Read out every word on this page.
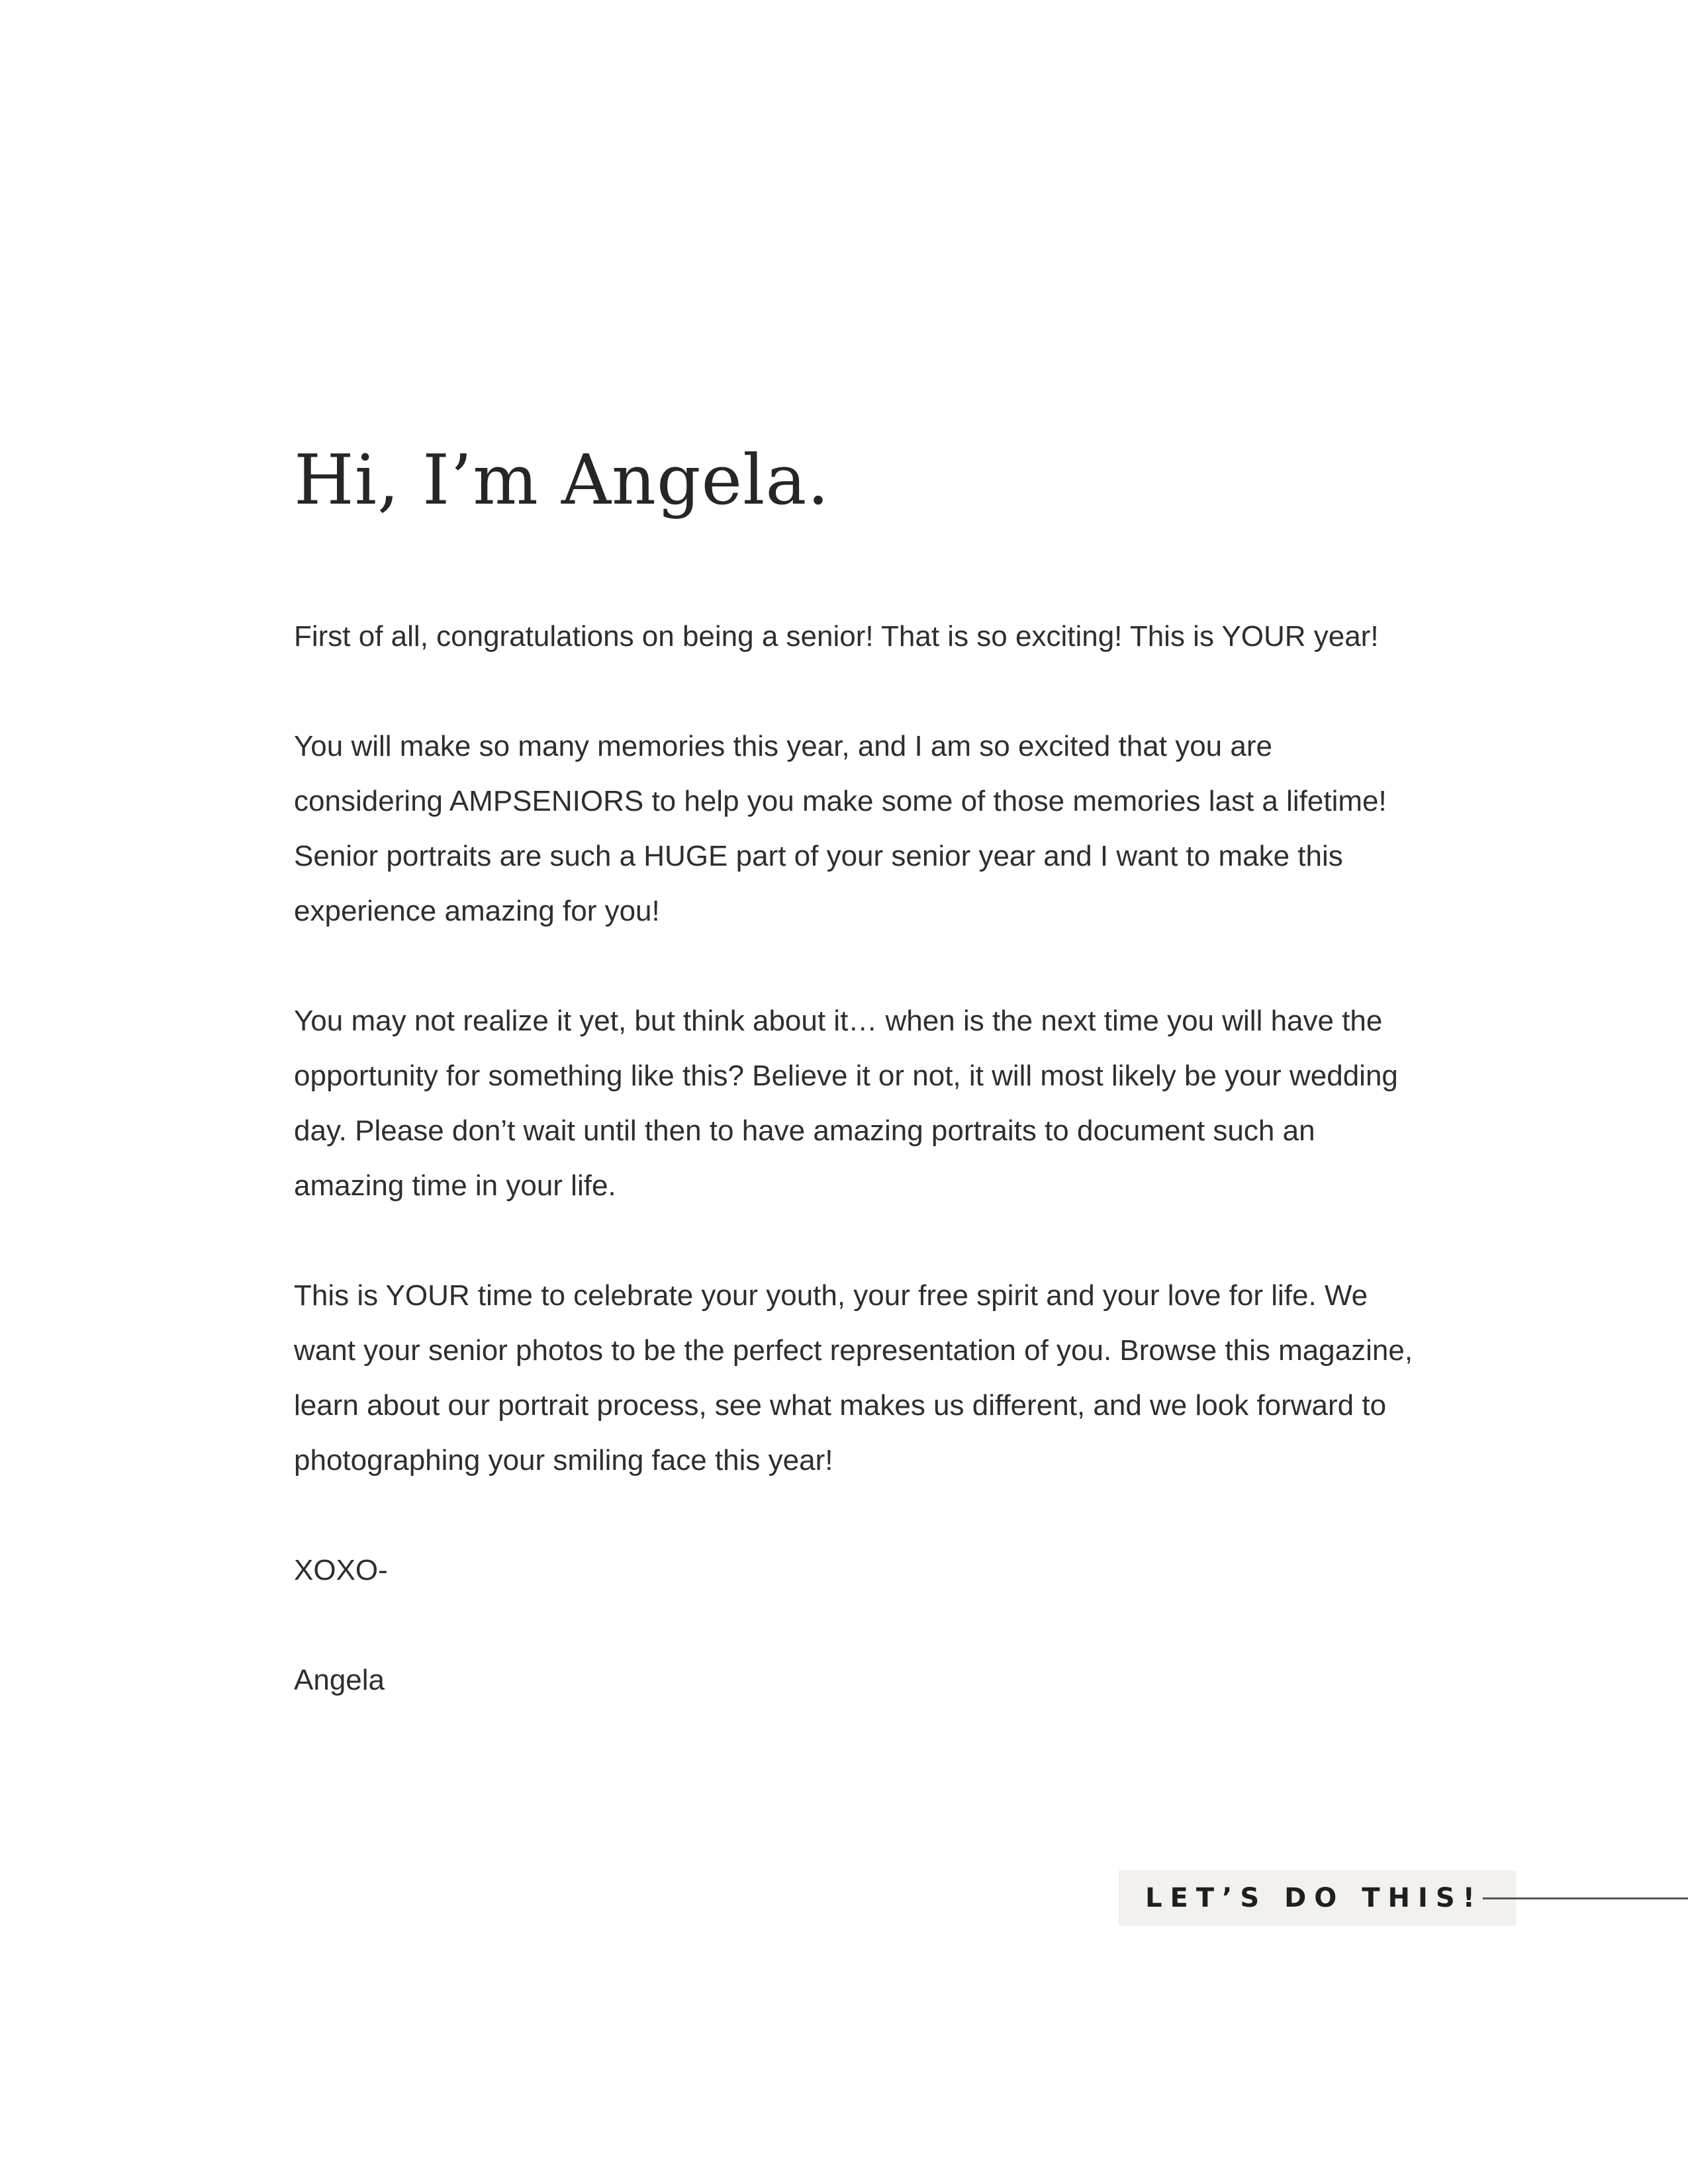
Hi, I’m Angela.

First of all, congratulations on being a senior! That is so exciting! This is YOUR year!

You will make so many memories this year, and I am so excited that you are considering AMPSENIORS to help you make some of those memories last a lifetime! Senior portraits are such a HUGE part of your senior year and I want to make this experience amazing for you!

You may not realize it yet, but think about it… when is the next time you will have the opportunity for something like this? Believe it or not, it will most likely be your wedding day. Please don’t wait until then to have amazing portraits to document such an amazing time in your life.

This is YOUR time to celebrate your youth, your free spirit and your love for life. We want your senior photos to be the perfect representation of you. Browse this magazine, learn about our portrait process, see what makes us different, and we look forward to photographing your smiling face this year!

XOXO-

Angela

LET’S DO THIS!
